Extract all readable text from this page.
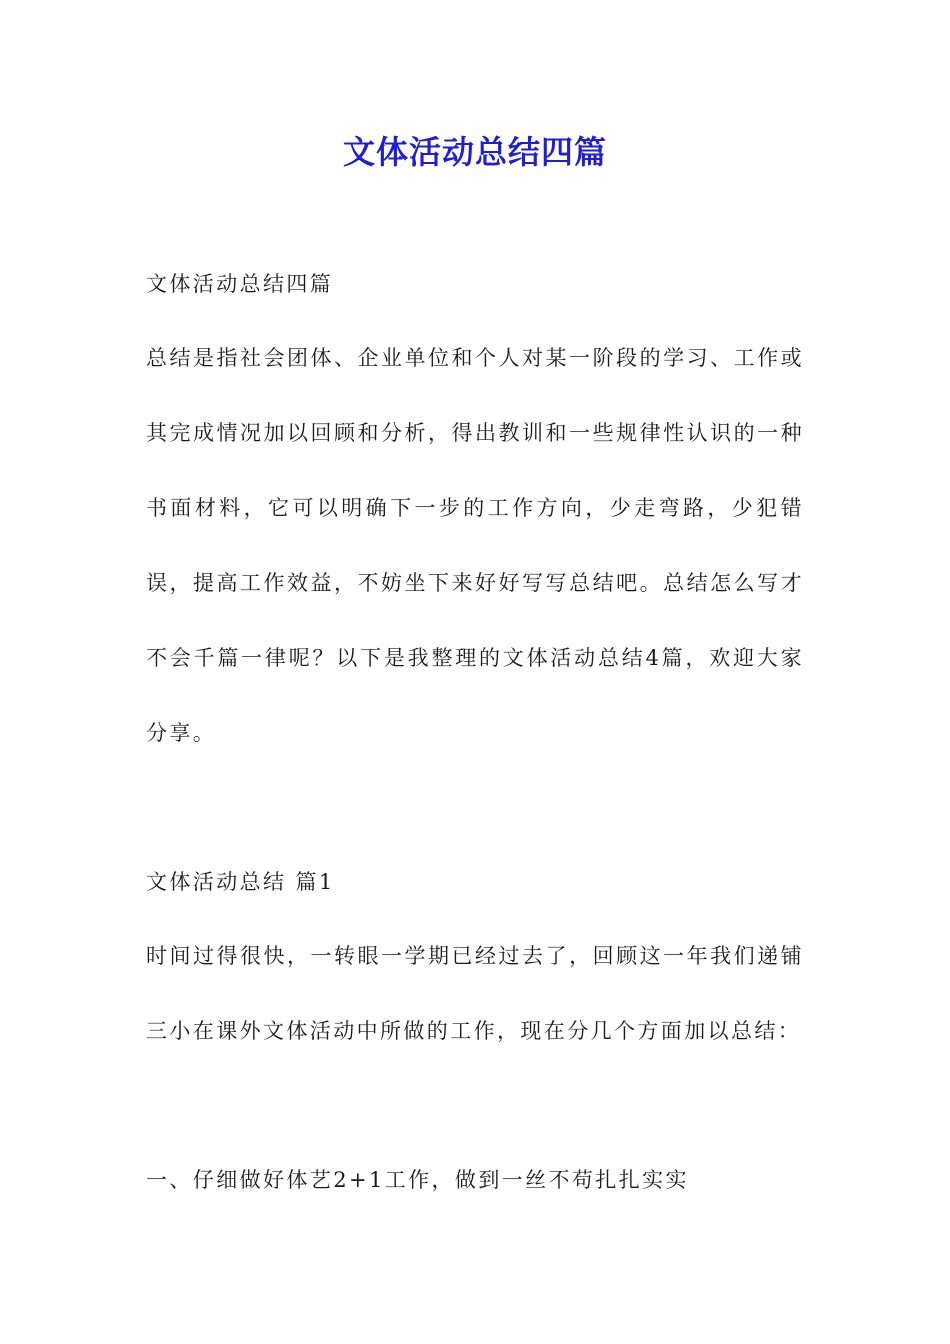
文体活动总结四篇

文体活动总结四篇

总结是指社会团体、企业单位和个人对某一阶段的学习、工作或其完成情况加以回顾和分析，得出教训和一些规律性认识的一种书面材料，它可以明确下一步的工作方向，少走弯路，少犯错误，提高工作效益，不妨坐下来好好写写总结吧。总结怎么写才不会千篇一律呢？以下是我整理的文体活动总结4篇，欢迎大家分享。

文体活动总结 篇1

时间过得很快，一转眼一学期已经过去了，回顾这一年我们递铺三小在课外文体活动中所做的工作，现在分几个方面加以总结：

一、仔细做好体艺2+1工作，做到一丝不苟扎扎实实
